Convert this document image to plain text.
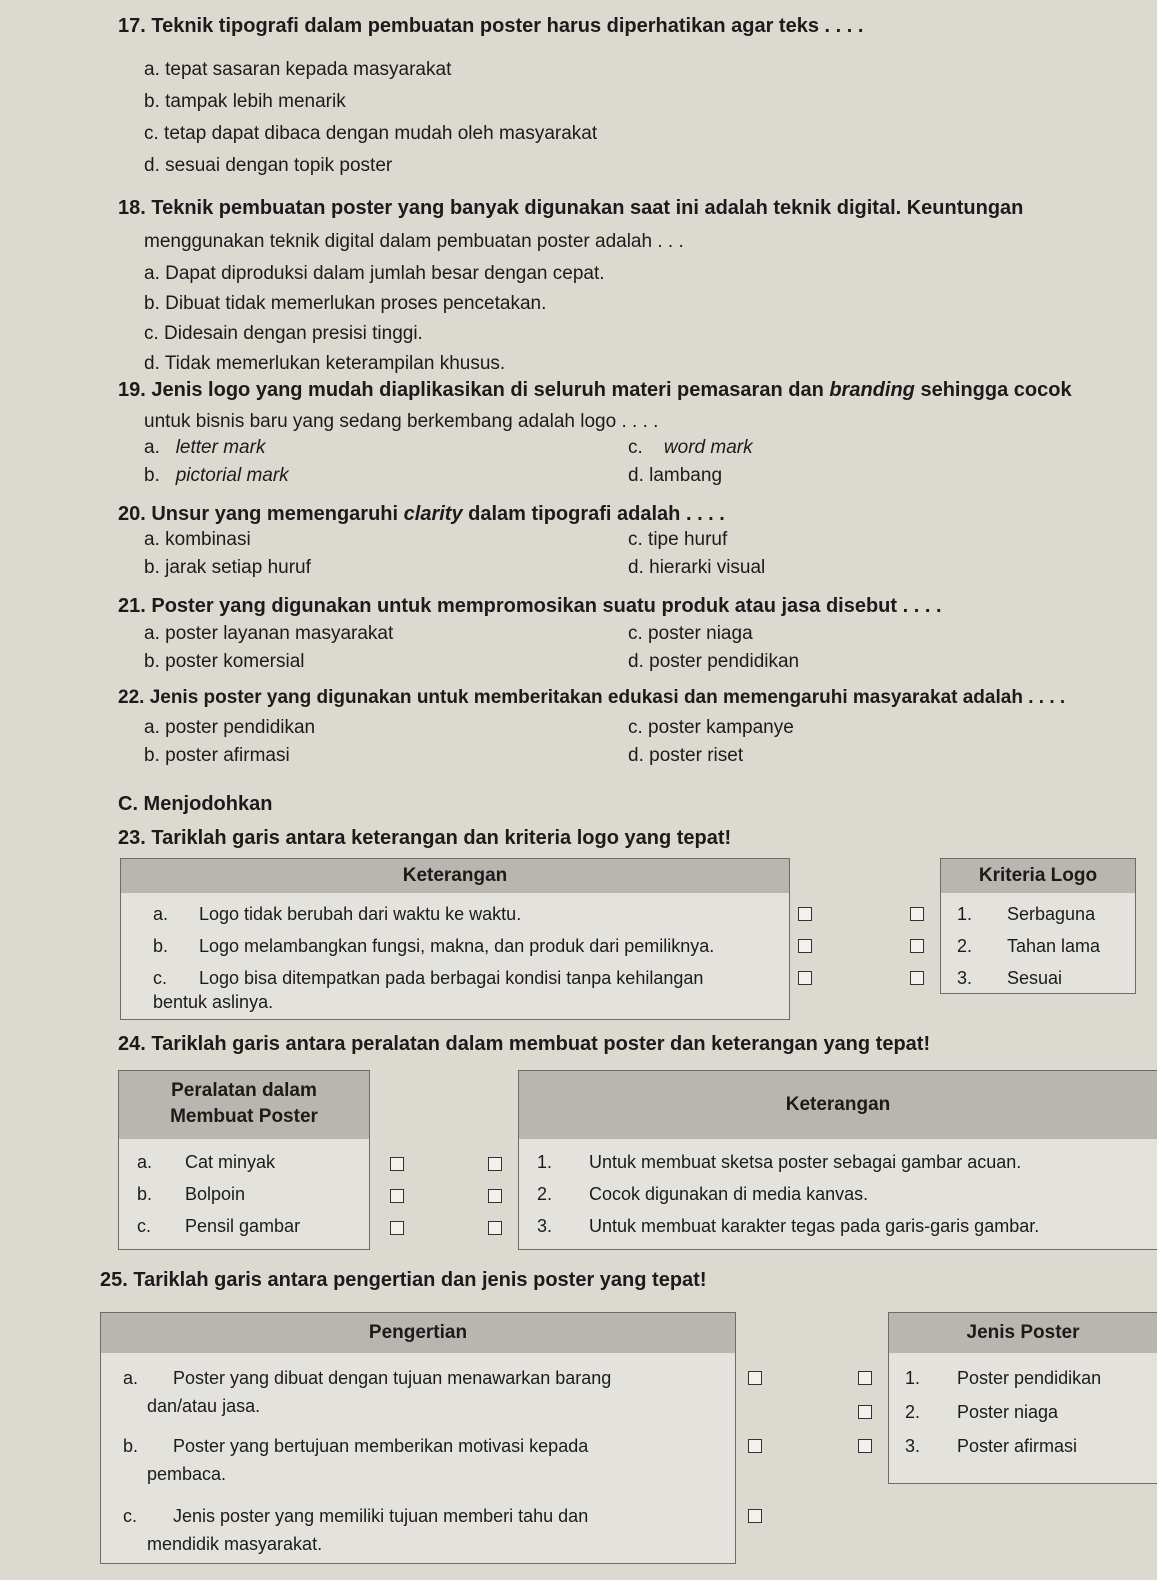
17. Teknik tipografi dalam pembuatan poster harus diperhatikan agar teks . . . .
a. tepat sasaran kepada masyarakat
b. tampak lebih menarik
c. tetap dapat dibaca dengan mudah oleh masyarakat
d. sesuai dengan topik poster
18. Teknik pembuatan poster yang banyak digunakan saat ini adalah teknik digital. Keuntungan
menggunakan teknik digital dalam pembuatan poster adalah . . .
a. Dapat diproduksi dalam jumlah besar dengan cepat.
b. Dibuat tidak memerlukan proses pencetakan.
c. Didesain dengan presisi tinggi.
d. Tidak memerlukan keterampilan khusus.
19. Jenis logo yang mudah diaplikasikan di seluruh materi pemasaran dan branding sehingga cocok
untuk bisnis baru yang sedang berkembang adalah logo . . . .
a. letter mark
b. pictorial mark
c. word mark
d. lambang
20. Unsur yang memengaruhi clarity dalam tipografi adalah . . . .
a. kombinasi
b. jarak setiap huruf
c. tipe huruf
d. hierarki visual
21. Poster yang digunakan untuk mempromosikan suatu produk atau jasa disebut . . . .
a. poster layanan masyarakat
b. poster komersial
c. poster niaga
d. poster pendidikan
22. Jenis poster yang digunakan untuk memberitakan edukasi dan memengaruhi masyarakat adalah . . . .
a. poster pendidikan
b. poster afirmasi
c. poster kampanye
d. poster riset
C. Menjodohkan
23. Tariklah garis antara keterangan dan kriteria logo yang tepat!
Keterangan
a. Logo tidak berubah dari waktu ke waktu.
b. Logo melambangkan fungsi, makna, dan produk dari pemiliknya.
c. Logo bisa ditempatkan pada berbagai kondisi tanpa kehilangan
bentuk aslinya.
Kriteria Logo
1. Serbaguna
2. Tahan lama
3. Sesuai
24. Tariklah garis antara peralatan dalam membuat poster dan keterangan yang tepat!
Peralatan dalam
Membuat Poster
a. Cat minyak
b. Bolpoin
c. Pensil gambar
Keterangan
1. Untuk membuat sketsa poster sebagai gambar acuan.
2. Cocok digunakan di media kanvas.
3. Untuk membuat karakter tegas pada garis-garis gambar.
25. Tariklah garis antara pengertian dan jenis poster yang tepat!
Pengertian
a. Poster yang dibuat dengan tujuan menawarkan barang
dan/atau jasa.
b. Poster yang bertujuan memberikan motivasi kepada
pembaca.
c. Jenis poster yang memiliki tujuan memberi tahu dan
mendidik masyarakat.
Jenis Poster
1. Poster pendidikan
2. Poster niaga
3. Poster afirmasi
